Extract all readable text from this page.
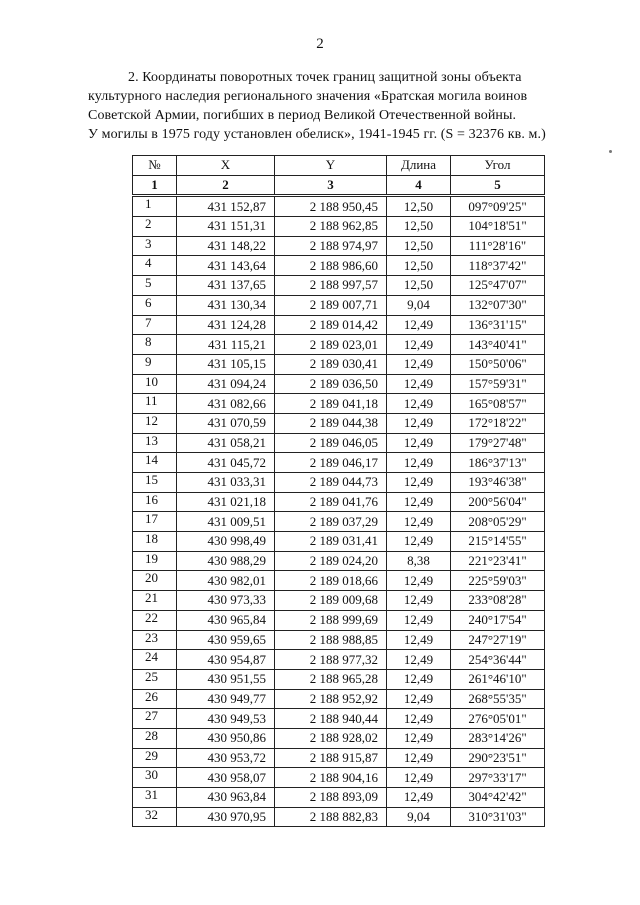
2
2. Координаты поворотных точек границ защитной зоны объекта
культурного наследия регионального значения «Братская могила воинов
Советской Армии, погибших в период Великой Отечественной войны.
У могилы в 1975 году установлен обелиск», 1941-1945 гг. (S = 32376 кв. м.)
№	X	Y	Длина	Угол
1	2	3	4	5
1	431 152,87	2 188 950,45	12,50	097°09'25"
2	431 151,31	2 188 962,85	12,50	104°18'51"
3	431 148,22	2 188 974,97	12,50	111°28'16"
4	431 143,64	2 188 986,60	12,50	118°37'42"
5	431 137,65	2 188 997,57	12,50	125°47'07"
6	431 130,34	2 189 007,71	9,04	132°07'30"
7	431 124,28	2 189 014,42	12,49	136°31'15"
8	431 115,21	2 189 023,01	12,49	143°40'41"
9	431 105,15	2 189 030,41	12,49	150°50'06"
10	431 094,24	2 189 036,50	12,49	157°59'31"
11	431 082,66	2 189 041,18	12,49	165°08'57"
12	431 070,59	2 189 044,38	12,49	172°18'22"
13	431 058,21	2 189 046,05	12,49	179°27'48"
14	431 045,72	2 189 046,17	12,49	186°37'13"
15	431 033,31	2 189 044,73	12,49	193°46'38"
16	431 021,18	2 189 041,76	12,49	200°56'04"
17	431 009,51	2 189 037,29	12,49	208°05'29"
18	430 998,49	2 189 031,41	12,49	215°14'55"
19	430 988,29	2 189 024,20	8,38	221°23'41"
20	430 982,01	2 189 018,66	12,49	225°59'03"
21	430 973,33	2 189 009,68	12,49	233°08'28"
22	430 965,84	2 188 999,69	12,49	240°17'54"
23	430 959,65	2 188 988,85	12,49	247°27'19"
24	430 954,87	2 188 977,32	12,49	254°36'44"
25	430 951,55	2 188 965,28	12,49	261°46'10"
26	430 949,77	2 188 952,92	12,49	268°55'35"
27	430 949,53	2 188 940,44	12,49	276°05'01"
28	430 950,86	2 188 928,02	12,49	283°14'26"
29	430 953,72	2 188 915,87	12,49	290°23'51"
30	430 958,07	2 188 904,16	12,49	297°33'17"
31	430 963,84	2 188 893,09	12,49	304°42'42"
32	430 970,95	2 188 882,83	9,04	310°31'03"
